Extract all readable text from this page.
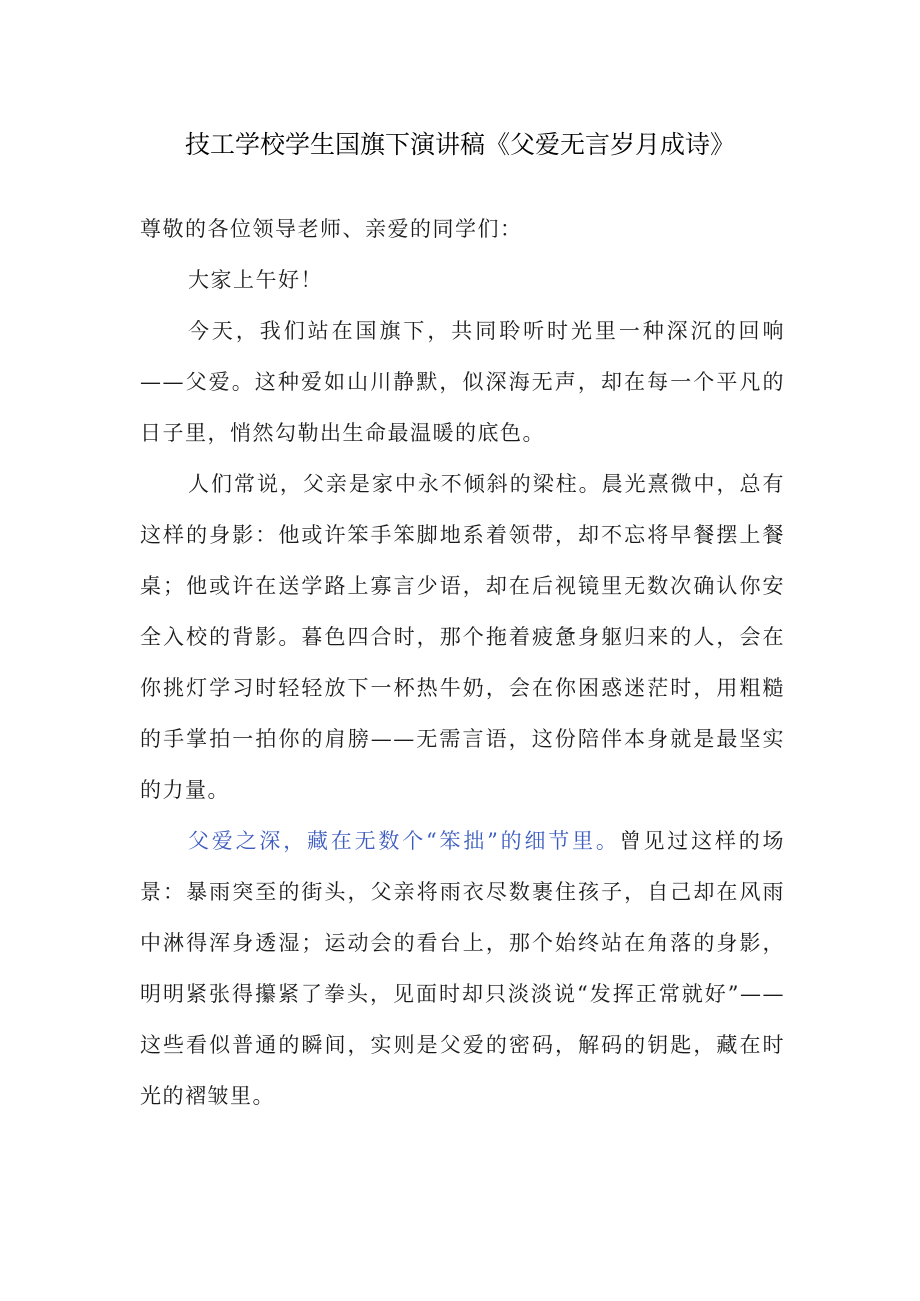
技工学校学生国旗下演讲稿《父爱无言岁月成诗》

尊敬的各位领导老师、亲爱的同学们：

大家上午好！

今天，我们站在国旗下，共同聆听时光里一种深沉的回响——父爱。这种爱如山川静默，似深海无声，却在每一个平凡的日子里，悄然勾勒出生命最温暖的底色。

人们常说，父亲是家中永不倾斜的梁柱。晨光熹微中，总有这样的身影：他或许笨手笨脚地系着领带，却不忘将早餐摆上餐桌；他或许在送学路上寡言少语，却在后视镜里无数次确认你安全入校的背影。暮色四合时，那个拖着疲惫身躯归来的人，会在你挑灯学习时轻轻放下一杯热牛奶，会在你困惑迷茫时，用粗糙的手掌拍一拍你的肩膀——无需言语，这份陪伴本身就是最坚实的力量。

父爱之深，藏在无数个“笨拙”的细节里。曾见过这样的场景：暴雨突至的街头，父亲将雨衣尽数裹住孩子，自己却在风雨中淋得浑身透湿；运动会的看台上，那个始终站在角落的身影，明明紧张得攥紧了拳头，见面时却只淡淡说“发挥正常就好”——这些看似普通的瞬间，实则是父爱的密码，解码的钥匙，藏在时光的褶皱里。
